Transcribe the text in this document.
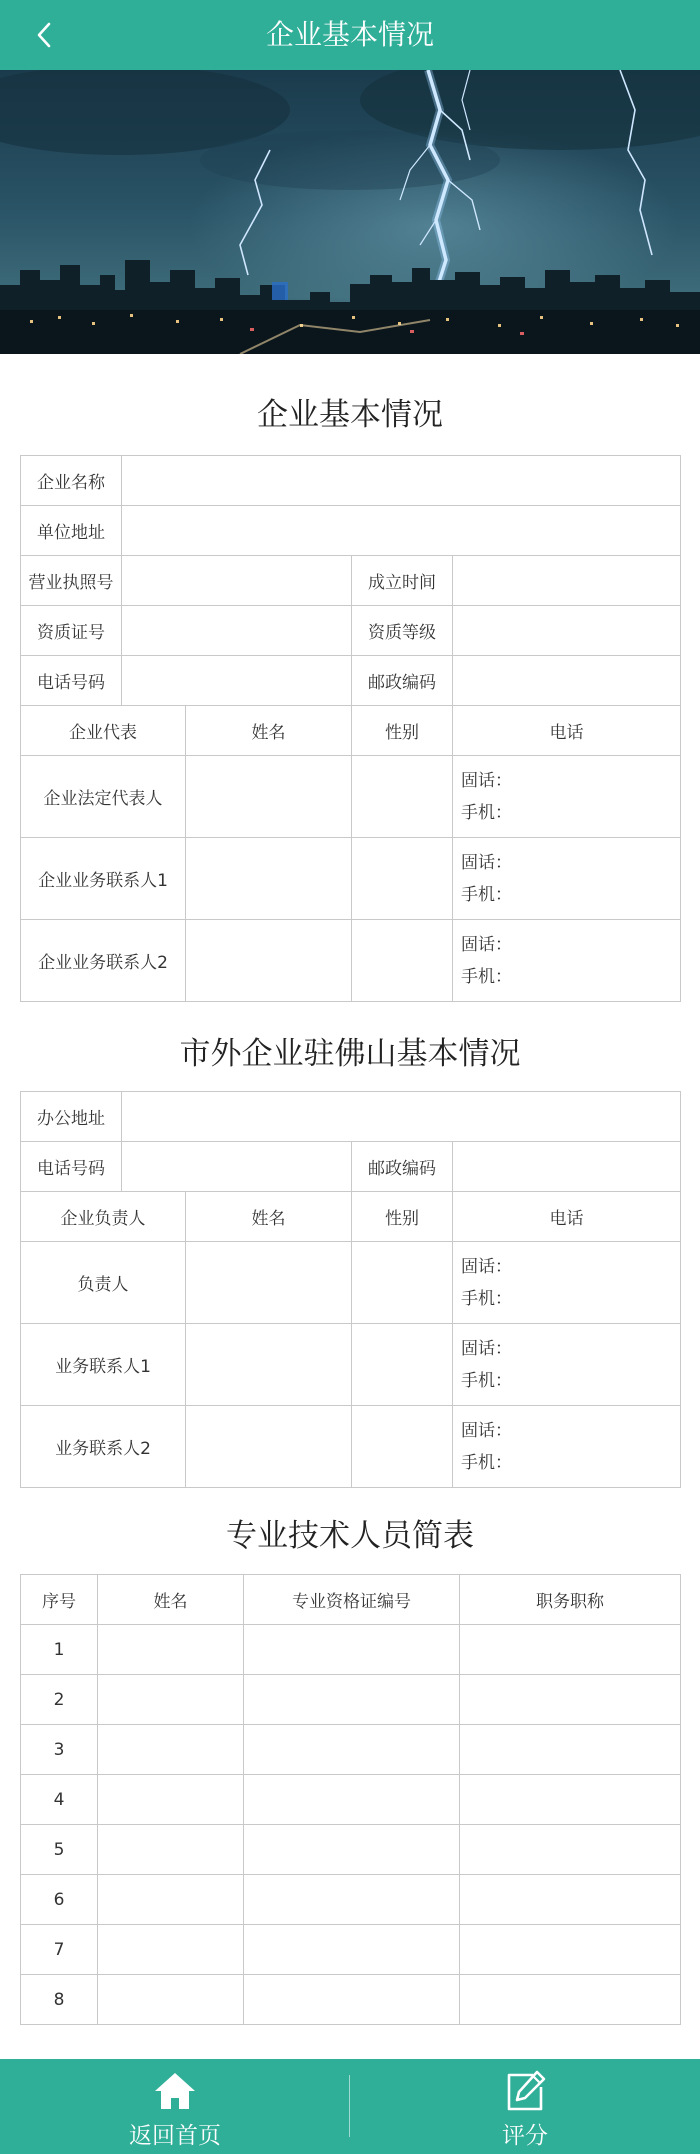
企业基本情况
企业基本情况
企业名称				
单位地址				
营业执照号			成立时间	
资质证号			资质等级	
电话号码			邮政编码	
企业代表		姓名	性别	电话
企业法定代表人				固话：
手机：

企业业务联系人1				固话：
手机：

企业业务联系人2				固话：
手机：
市外企业驻佛山基本情况
办公地址				
电话号码			邮政编码	
企业负责人		姓名	性别	电话
负责人				固话：
手机：

业务联系人1				固话：
手机：

业务联系人2				固话：
手机：
专业技术人员简表
序号	姓名	专业资格证编号	职务职称
1			
2			
3			
4			
5			
6			
7			
8			
返回首页	评分
